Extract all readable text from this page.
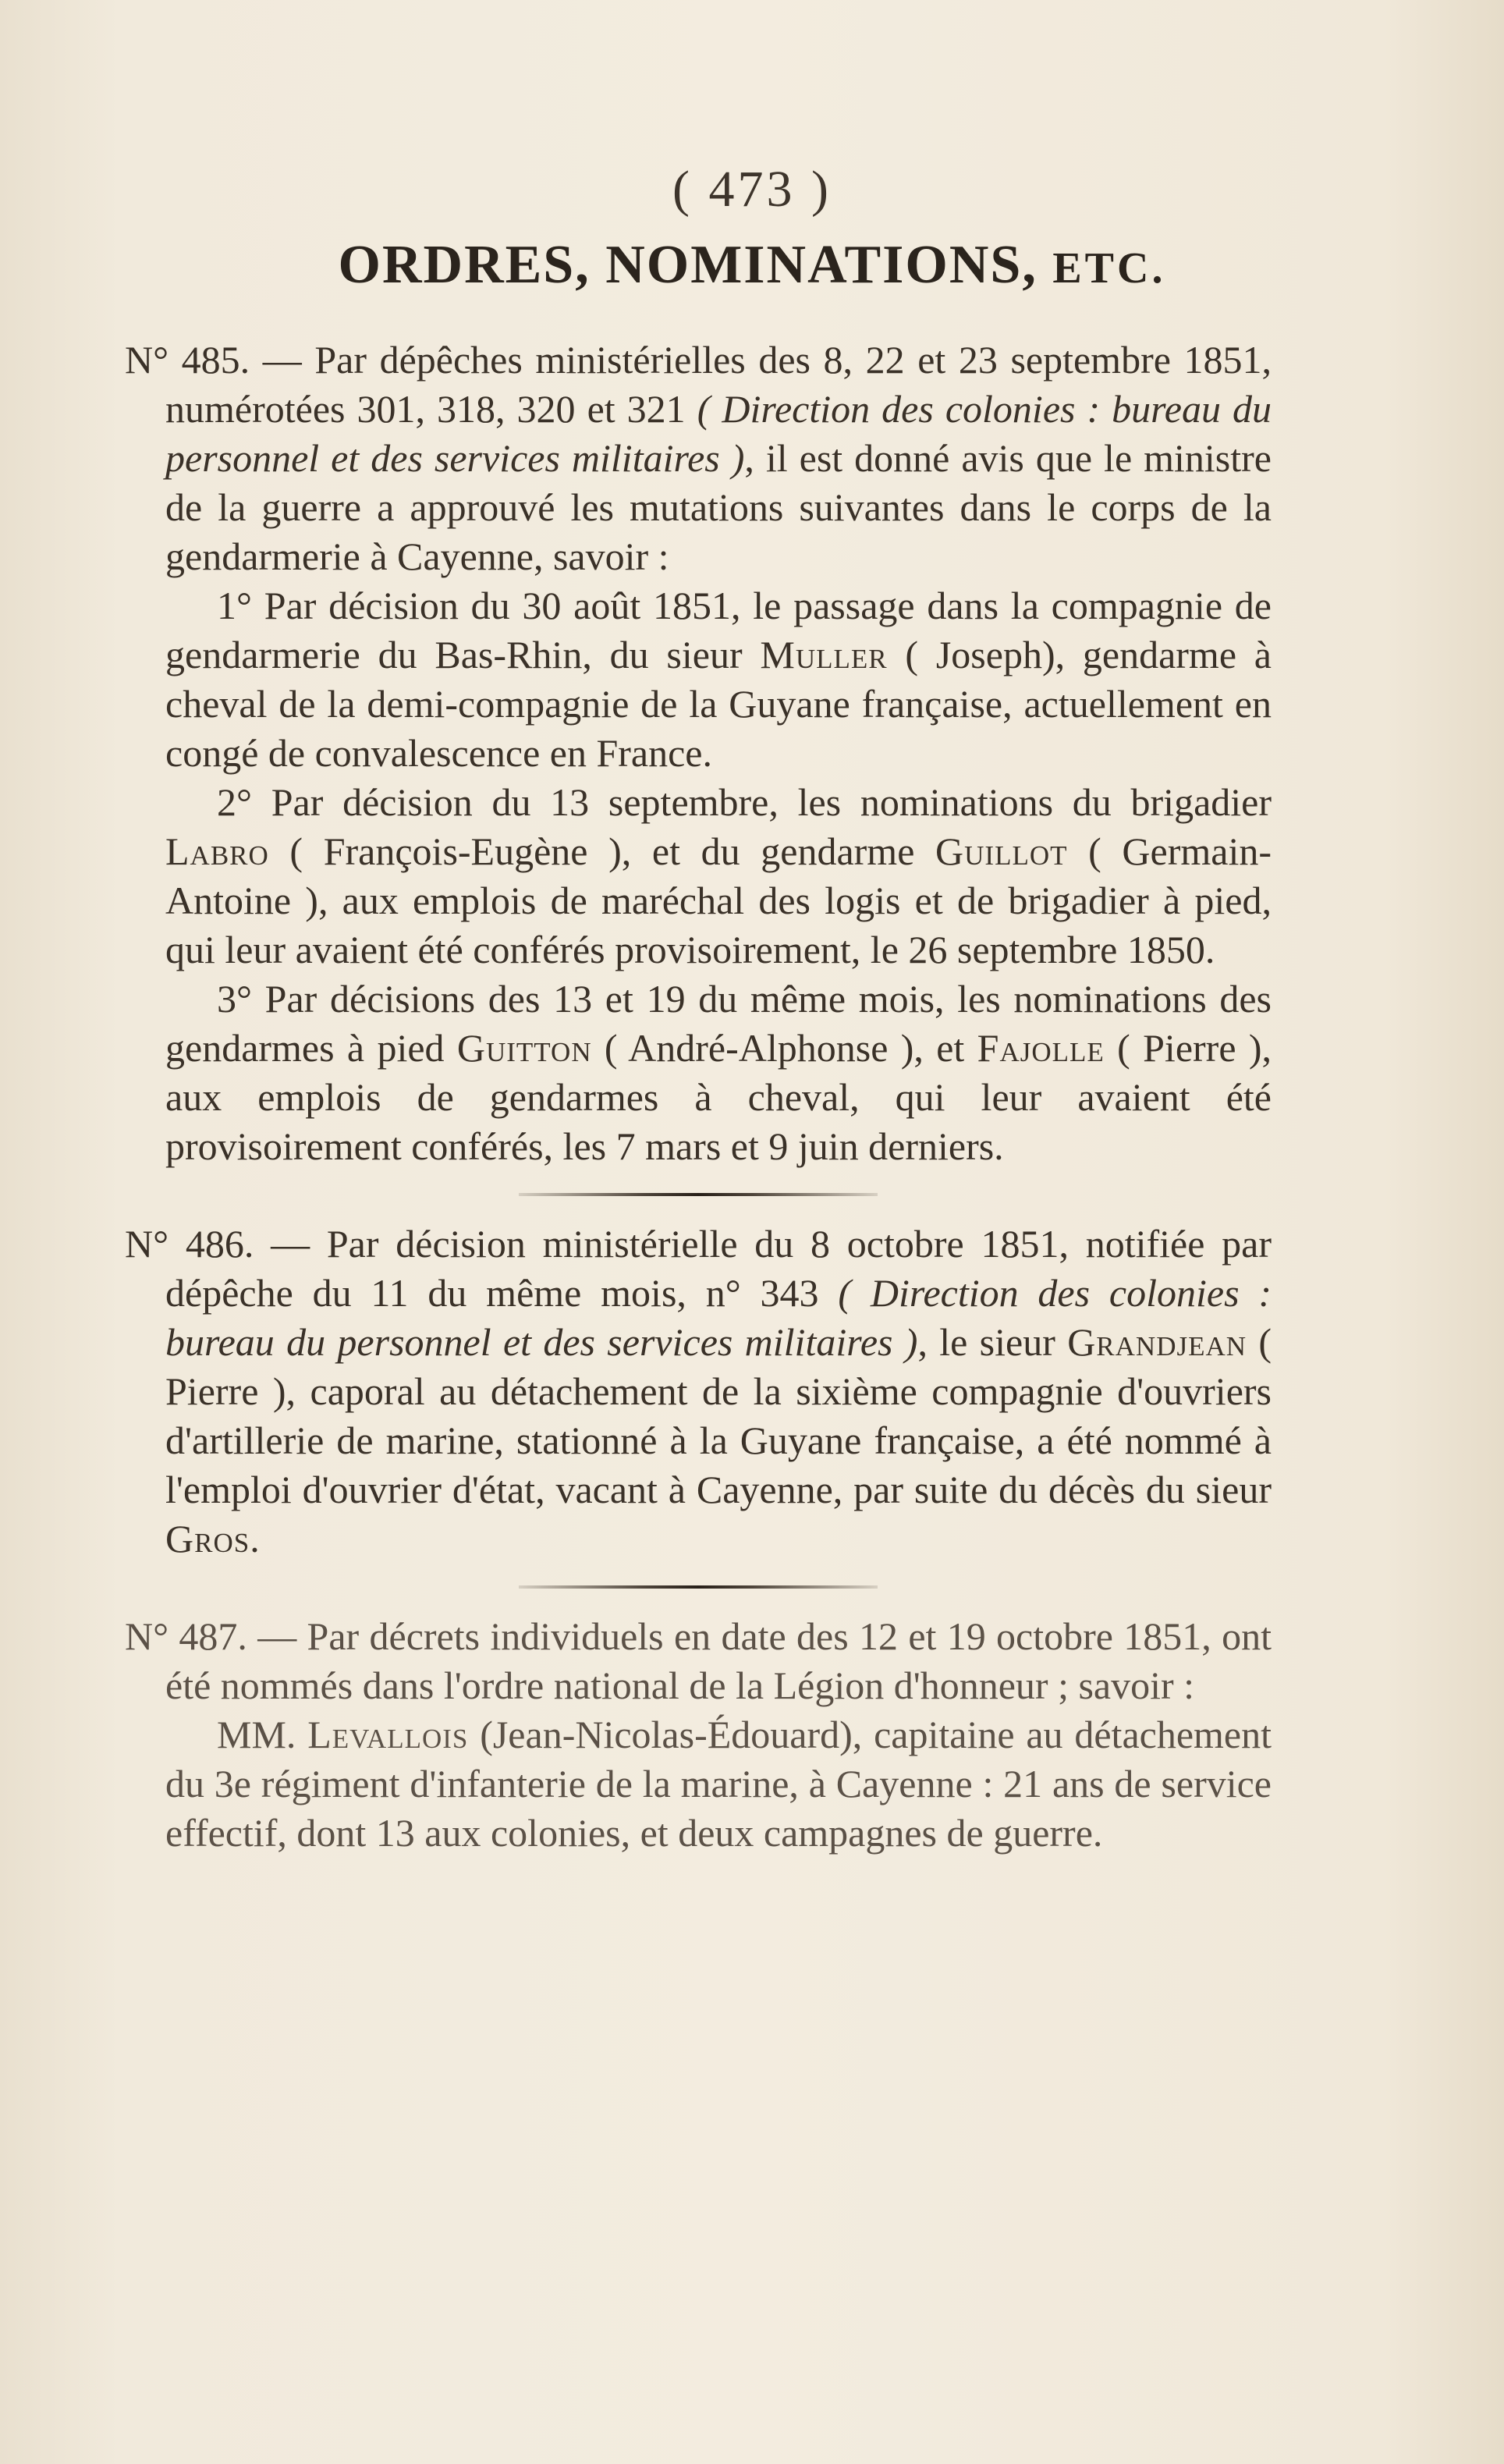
( 473 )
ORDRES, NOMINATIONS, ETC.

N° 485. — Par dépêches ministérielles des 8, 22 et 23 septembre 1851, numérotées 301, 318, 320 et 321 ( Direction des colonies : bureau du personnel et des services militaires ), il est donné avis que le ministre de la guerre a approuvé les mutations suivantes dans le corps de la gendarmerie à Cayenne, savoir :

1° Par décision du 30 août 1851, le passage dans la compagnie de gendarmerie du Bas-Rhin, du sieur Muller ( Joseph), gendarme à cheval de la demi-compagnie de la Guyane française, actuellement en congé de convalescence en France.

2° Par décision du 13 septembre, les nominations du brigadier Labro ( François-Eugène ), et du gendarme Guillot ( Germain-Antoine ), aux emplois de maréchal des logis et de brigadier à pied, qui leur avaient été conférés provisoirement, le 26 septembre 1850.

3° Par décisions des 13 et 19 du même mois, les nominations des gendarmes à pied Guitton ( André-Alphonse ), et Fajolle ( Pierre ), aux emplois de gendarmes à cheval, qui leur avaient été provisoirement conférés, les 7 mars et 9 juin derniers.

N° 486. — Par décision ministérielle du 8 octobre 1851, notifiée par dépêche du 11 du même mois, n° 343 ( Direction des colonies : bureau du personnel et des services militaires ), le sieur Grandjean ( Pierre ), caporal au détachement de la sixième compagnie d'ouvriers d'artillerie de marine, stationné à la Guyane française, a été nommé à l'emploi d'ouvrier d'état, vacant à Cayenne, par suite du décès du sieur Gros.

N° 487. — Par décrets individuels en date des 12 et 19 octobre 1851, ont été nommés dans l'ordre national de la Légion d'honneur ; savoir :

MM. Levallois (Jean-Nicolas-Édouard), capitaine au détachement du 3e régiment d'infanterie de la marine, à Cayenne : 21 ans de service effectif, dont 13 aux colonies, et deux campagnes de guerre.
